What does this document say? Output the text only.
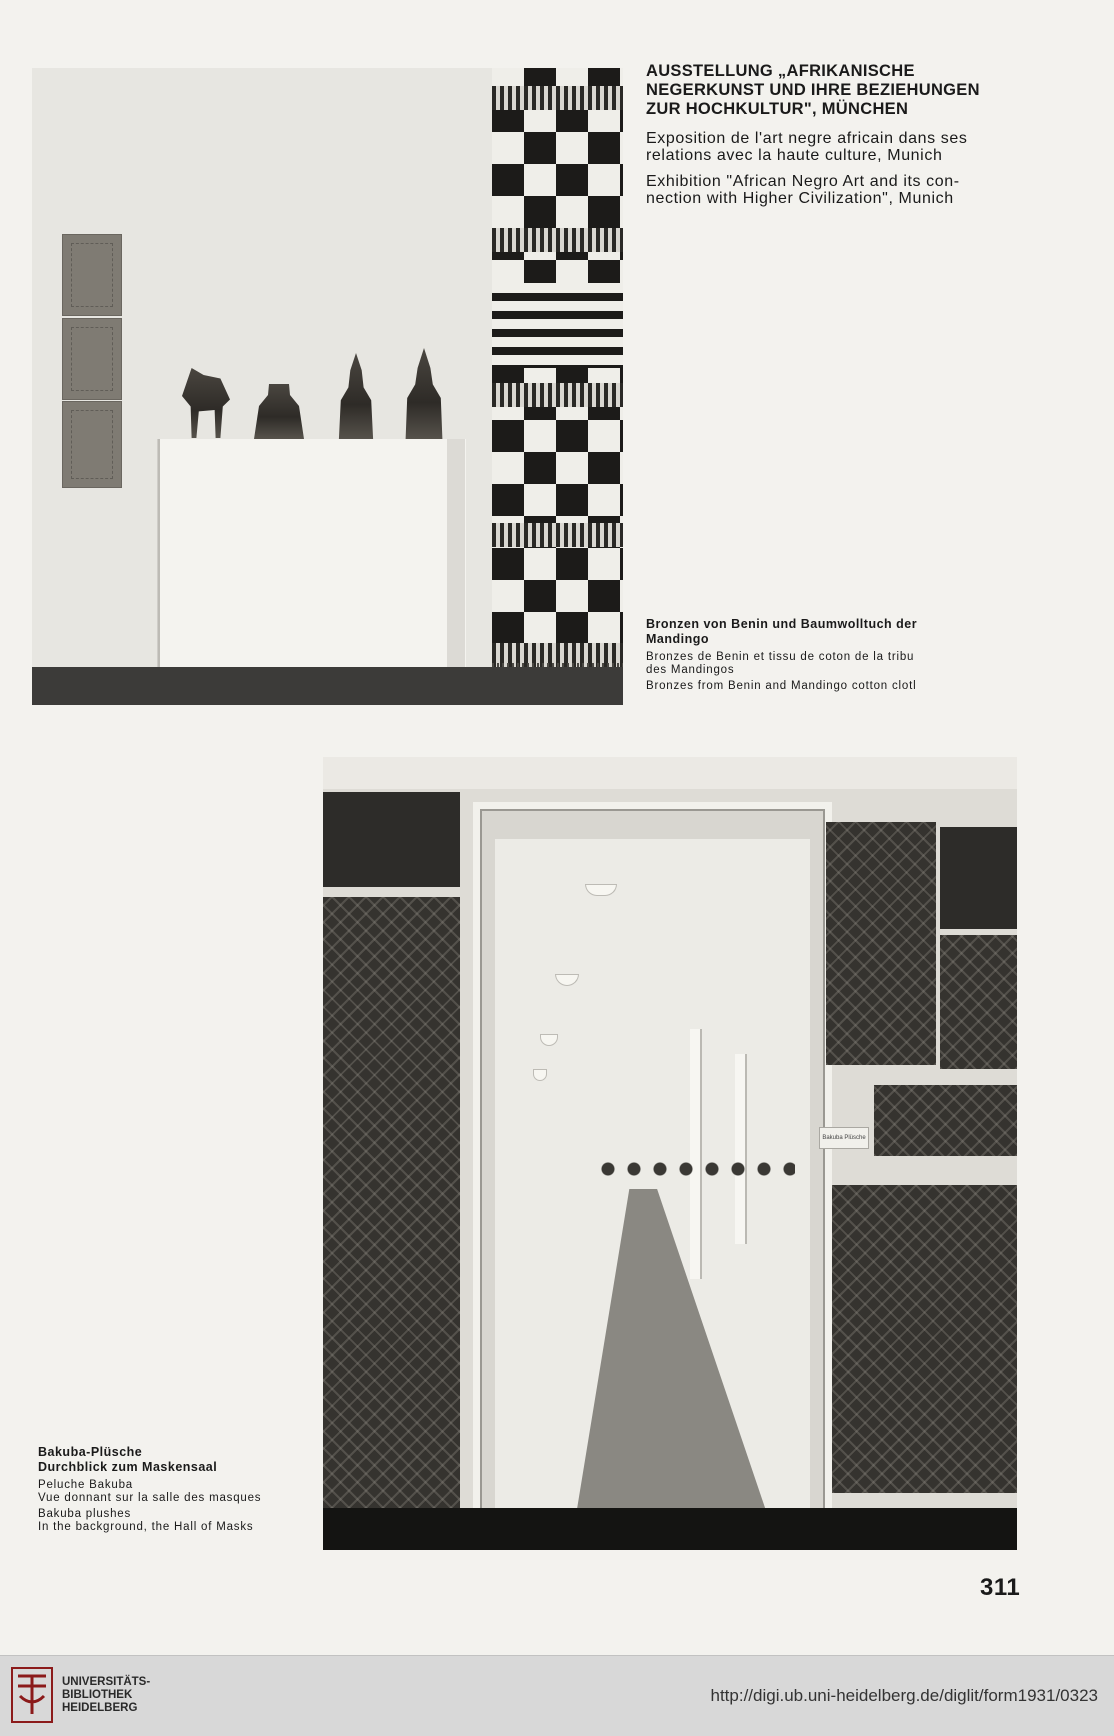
AUSSTELLUNG „AFRIKANISCHE
NEGERKUNST UND IHRE BEZIEHUNGEN
ZUR HOCHKULTUR", MÜNCHEN
Exposition de l'art negre africain dans ses
relations avec la haute culture, Munich
Exhibition "African Negro Art and its con-
nection with Higher Civilization", Munich
Bronzen von Benin und Baumwolltuch der
Mandingo
Bronzes de Benin et tissu de coton de la tribu
des Mandingos
Bronzes from Benin and Mandingo cotton clotl
Bakuba Plüsche
Bakuba-Plüsche
Durchblick zum Maskensaal
Peluche Bakuba
Vue donnant sur la salle des masques
Bakuba plushes
In the background, the Hall of Masks
311
UNIVERSITÄTS-
BIBLIOTHEK
HEIDELBERG
http://digi.ub.uni-heidelberg.de/diglit/form1931/0323
